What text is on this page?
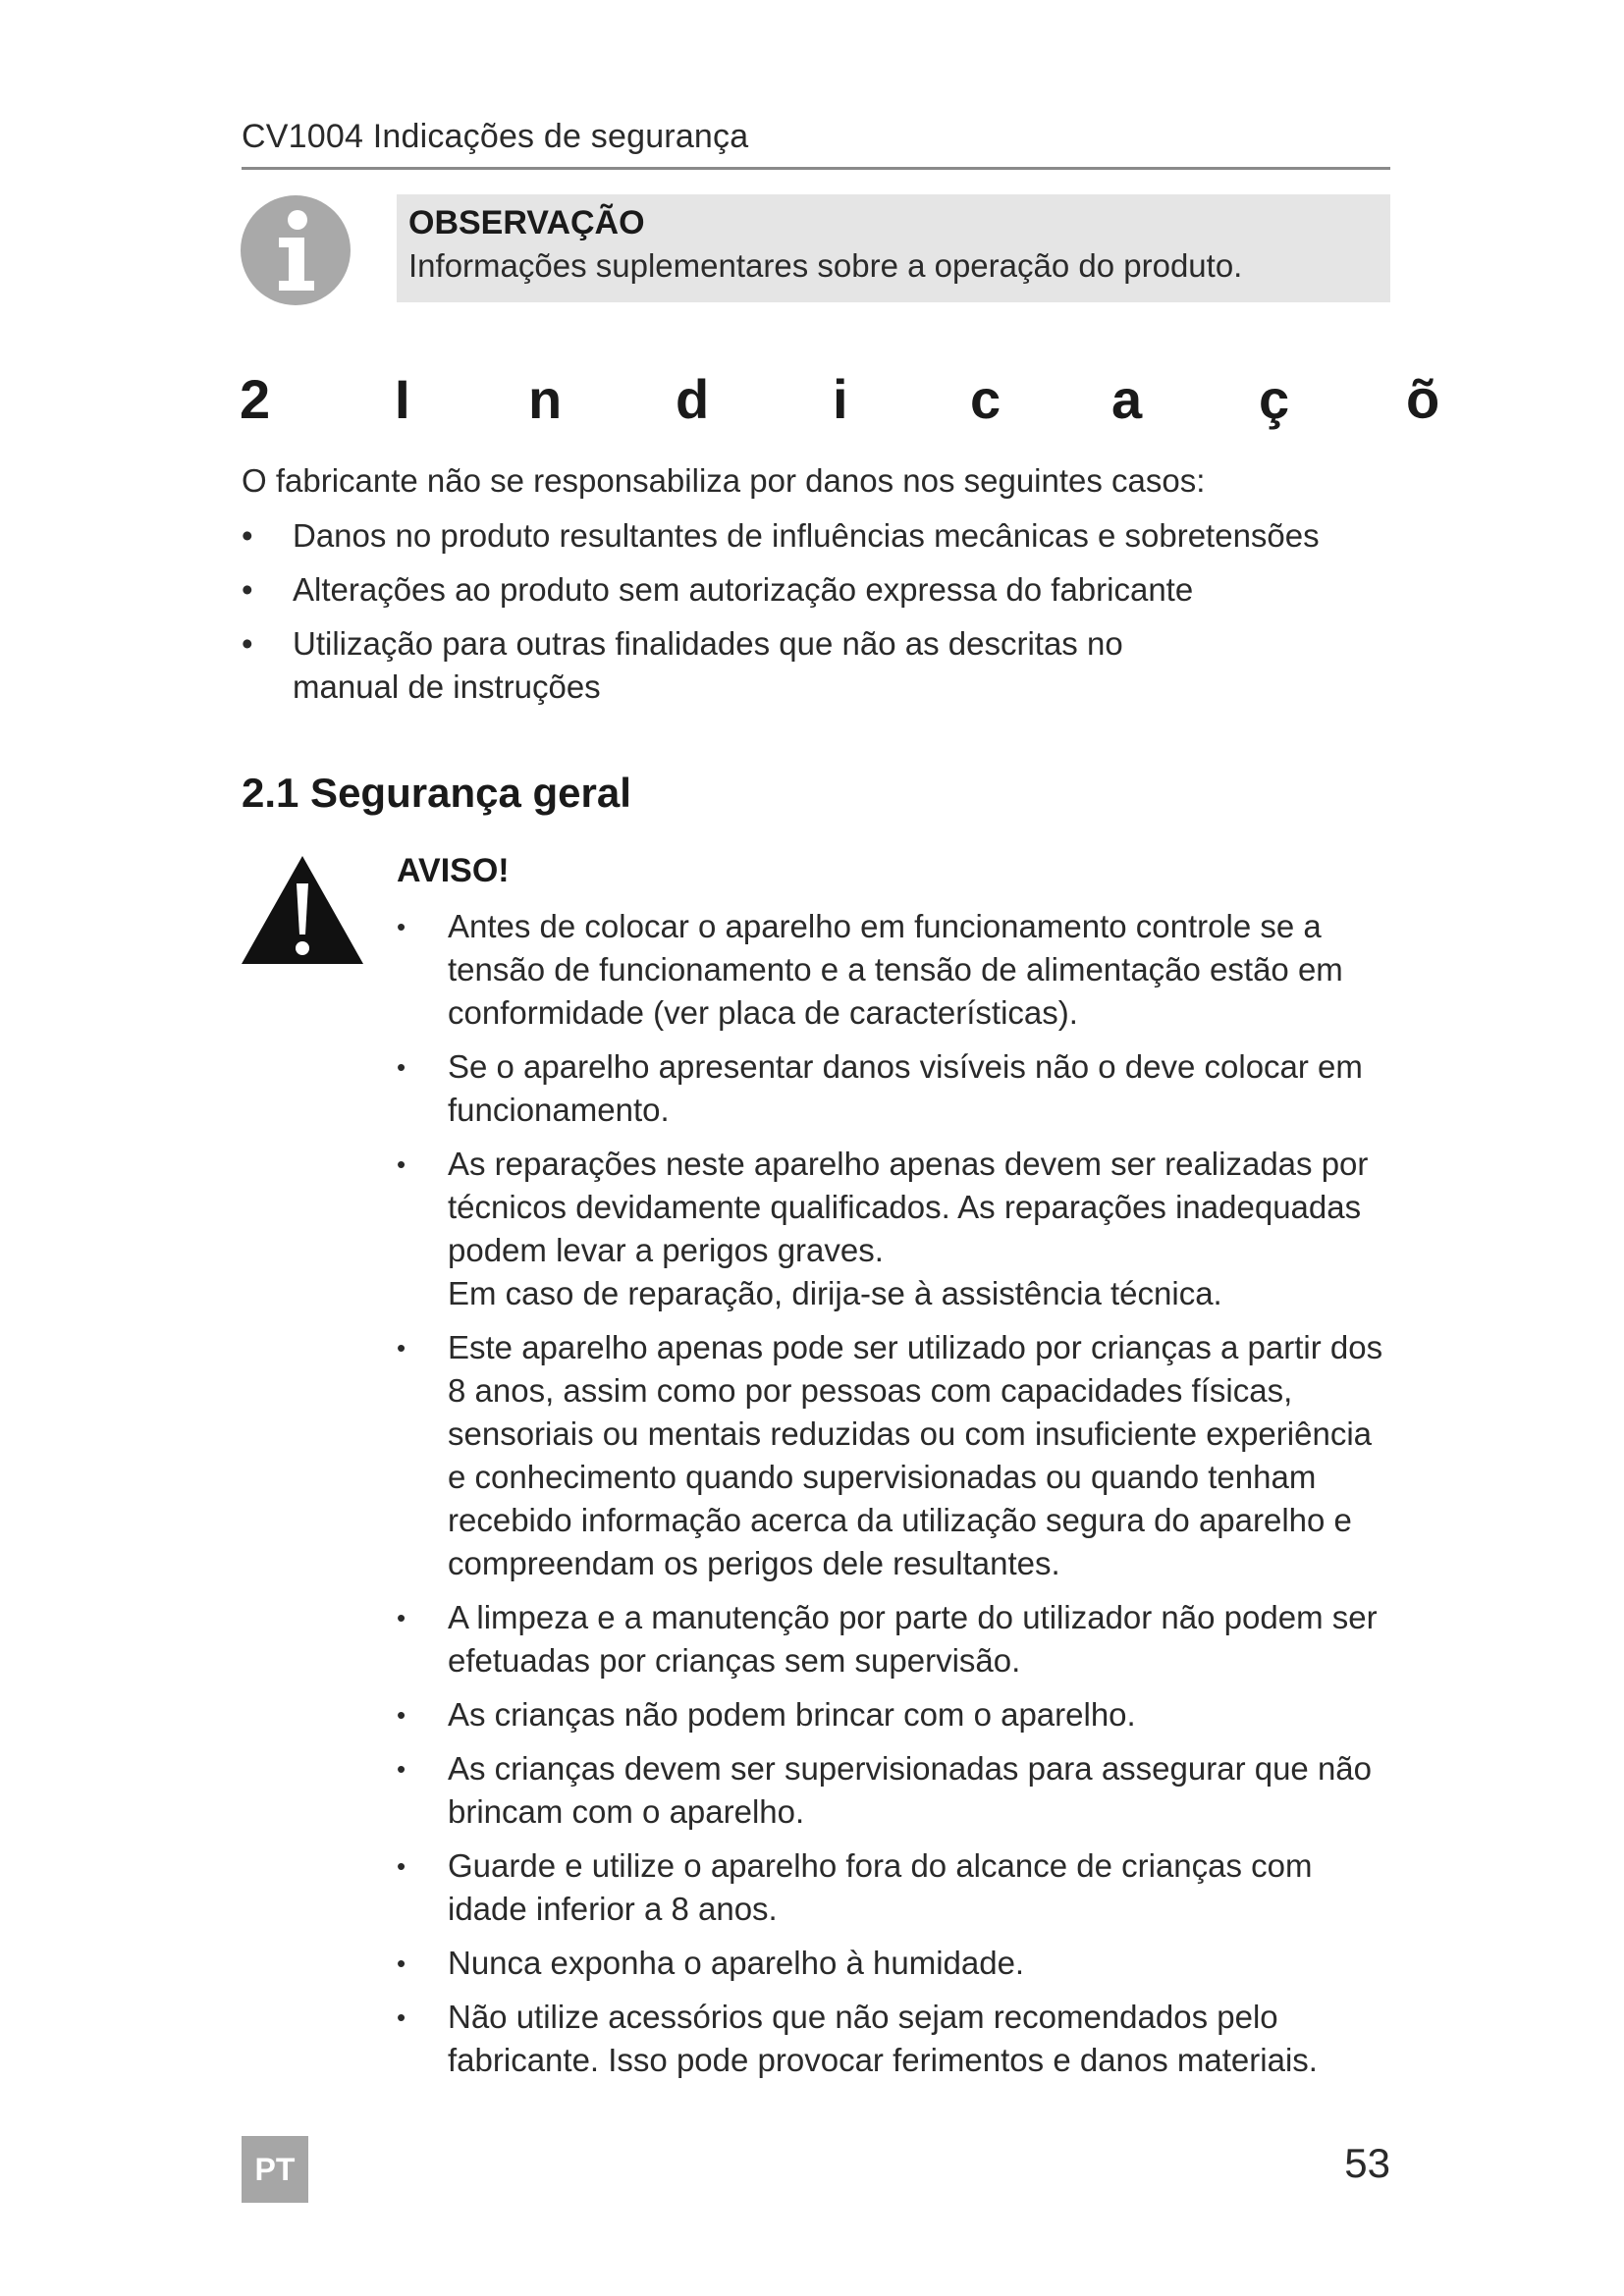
CV1004 Indicações de segurança
OBSERVAÇÃO
Informações suplementares sobre a operação do produto.
2 I n d i c a ç õ
O fabricante não se responsabiliza por danos nos seguintes casos:
• Danos no produto resultantes de influências mecânicas e sobretensões
• Alterações ao produto sem autorização expressa do fabricante
• Utilização para outras finalidades que não as descritas no manual de instruções
2.1 Segurança geral
AVISO!
• Antes de colocar o aparelho em funcionamento controle se a tensão de funcionamento e a tensão de alimentação estão em conformidade (ver placa de características).
• Se o aparelho apresentar danos visíveis não o deve colocar em funcionamento.
• As reparações neste aparelho apenas devem ser realizadas por técnicos devidamente qualificados. As reparações inadequadas podem levar a perigos graves.
Em caso de reparação, dirija-se à assistência técnica.
• Este aparelho apenas pode ser utilizado por crianças a partir dos 8 anos, assim como por pessoas com capacidades físicas, sensoriais ou mentais reduzidas ou com insuficiente experiência e conhecimento quando supervisionadas ou quando tenham recebido informação acerca da utilização segura do aparelho e compreendam os perigos dele resultantes.
• A limpeza e a manutenção por parte do utilizador não podem ser efetuadas por crianças sem supervisão.
• As crianças não podem brincar com o aparelho.
• As crianças devem ser supervisionadas para assegurar que não brincam com o aparelho.
• Guarde e utilize o aparelho fora do alcance de crianças com idade inferior a 8 anos.
• Nunca exponha o aparelho à humidade.
• Não utilize acessórios que não sejam recomendados pelo fabricante. Isso pode provocar ferimentos e danos materiais.
53
PT
